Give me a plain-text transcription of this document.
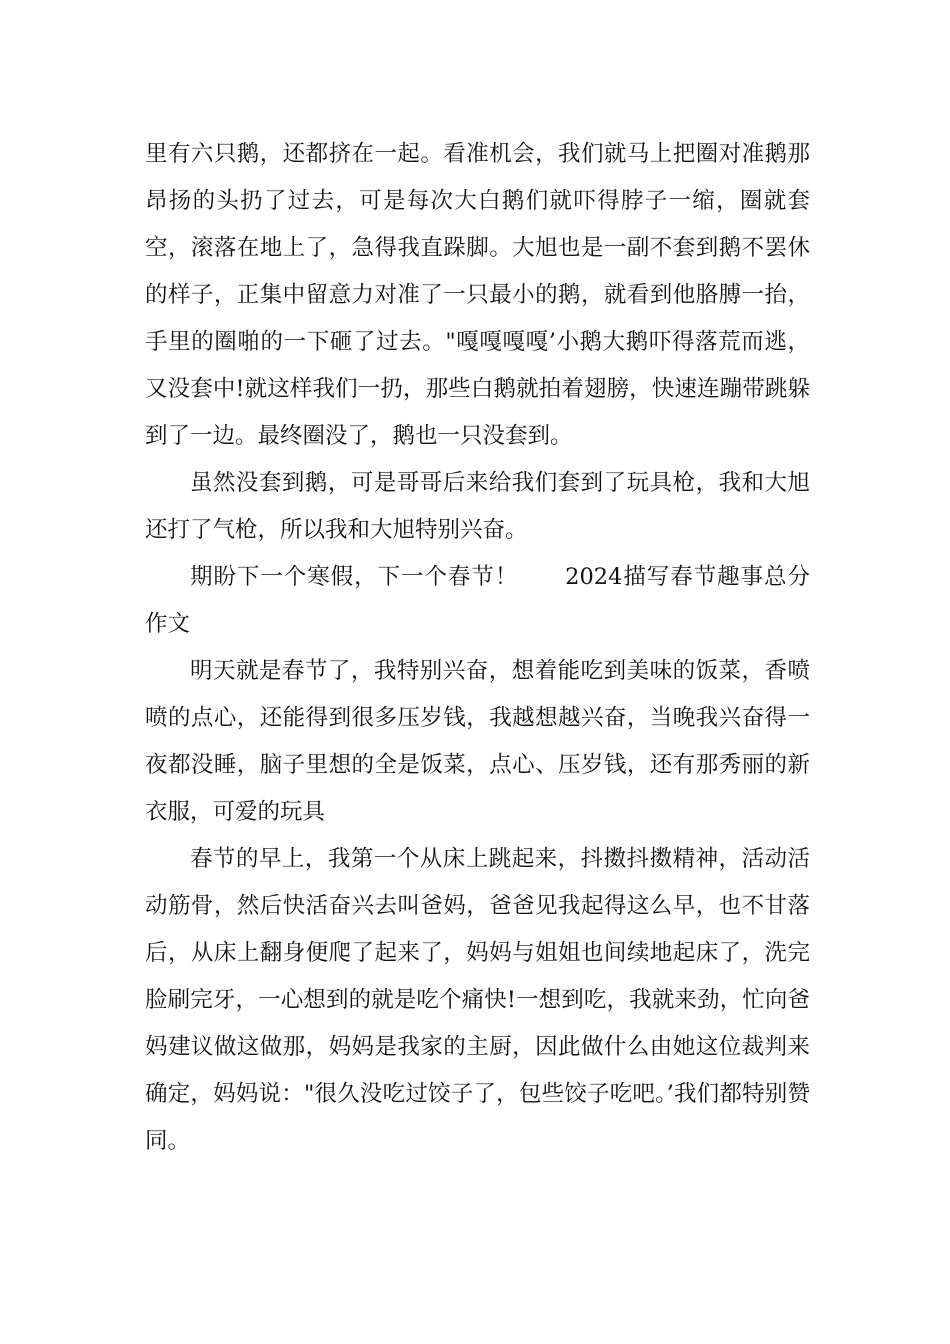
里有六只鹅，还都挤在一起。看准机会，我们就马上把圈对准鹅那昂扬的头扔了过去，可是每次大白鹅们就吓得脖子一缩，圈就套空，滚落在地上了，急得我直跺脚。大旭也是一副不套到鹅不罢休的样子，正集中留意力对准了一只最小的鹅，就看到他胳膊一抬，手里的圈啪的一下砸了过去。"嘎嘎嘎嘎’小鹅大鹅吓得落荒而逃，又没套中!就这样我们一扔，那些白鹅就拍着翅膀，快速连蹦带跳躲到了一边。最终圈没了，鹅也一只没套到。

虽然没套到鹅，可是哥哥后来给我们套到了玩具枪，我和大旭还打了气枪，所以我和大旭特别兴奋。

期盼下一个寒假，下一个春节！　　2024描写春节趣事总分 作文

明天就是春节了，我特别兴奋，想着能吃到美味的饭菜，香喷喷的点心，还能得到很多压岁钱，我越想越兴奋，当晚我兴奋得一夜都没睡，脑子里想的全是饭菜，点心、压岁钱，还有那秀丽的新衣服，可爱的玩具

春节的早上，我第一个从床上跳起来，抖擞抖擞精神，活动活动筋骨，然后快活奋兴去叫爸妈，爸爸见我起得这么早，也不甘落后，从床上翻身便爬了起来了，妈妈与姐姐也间续地起床了，洗完脸刷完牙，一心想到的就是吃个痛快!一想到吃，我就来劲，忙向爸妈建议做这做那，妈妈是我家的主厨，因此做什么由她这位裁判来确定，妈妈说："很久没吃过饺子了，包些饺子吃吧。’我们都特别赞同。
